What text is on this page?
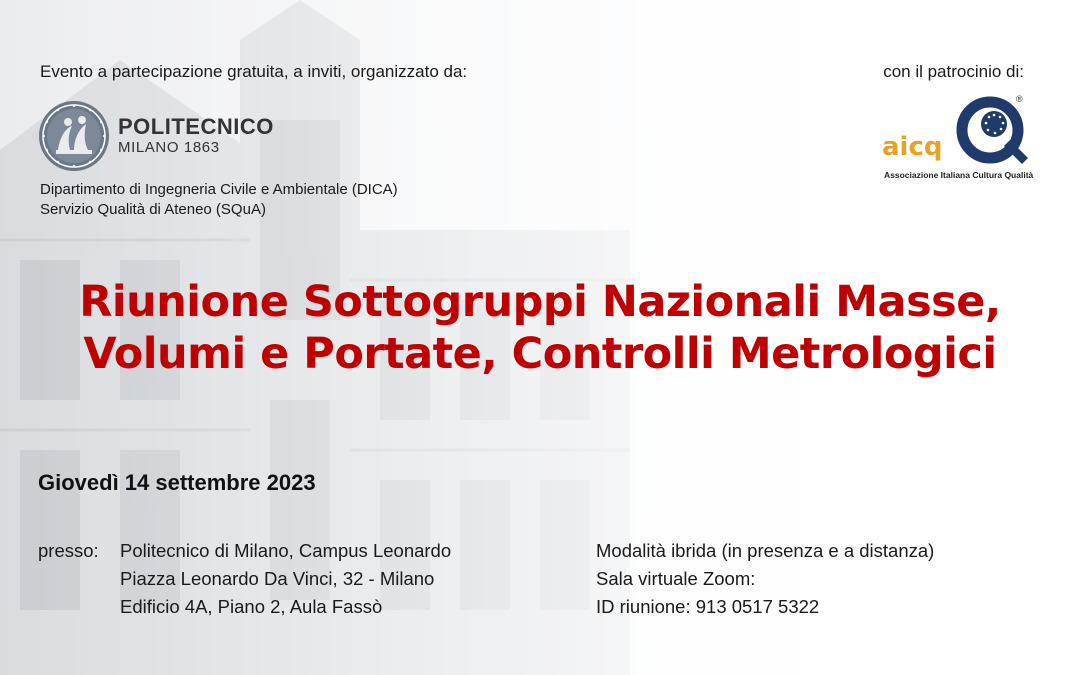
Evento a partecipazione gratuita, a inviti, organizzato da:	con il patrocinio di:
POLITECNICO
MILANO 1863
Dipartimento di Ingegneria Civile e Ambientale (DICA)
Servizio Qualità di Ateneo (SQuA)
aicq
®
Associazione Italiana Cultura Qualità
Riunione Sottogruppi Nazionali Masse,
Volumi e Portate, Controlli Metrologici
Giovedì 14 settembre 2023
presso:	Politecnico di Milano, Campus Leonardo
Piazza Leonardo Da Vinci, 32 - Milano
Edificio 4A, Piano 2, Aula Fassò
Modalità ibrida (in presenza e a distanza)
Sala virtuale Zoom:
ID riunione: 913 0517 5322
